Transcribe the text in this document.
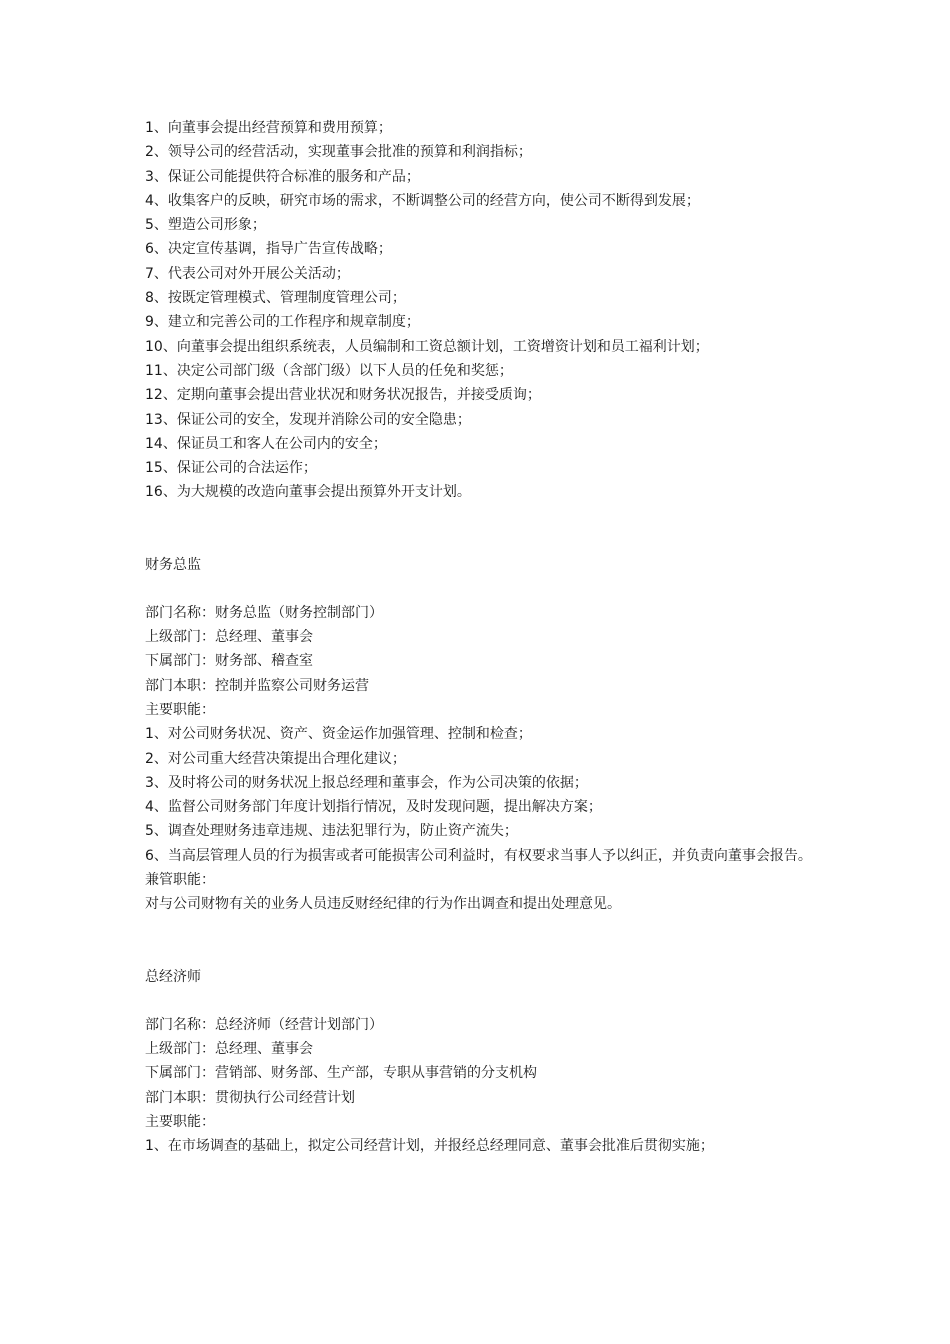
1、向董事会提出经营预算和费用预算；
2、领导公司的经营活动，实现董事会批准的预算和利润指标；
3、保证公司能提供符合标准的服务和产品；
4、收集客户的反映，研究市场的需求，不断调整公司的经营方向，使公司不断得到发展；
5、塑造公司形象；
6、决定宣传基调，指导广告宣传战略；
7、代表公司对外开展公关活动；
8、按既定管理模式、管理制度管理公司；
9、建立和完善公司的工作程序和规章制度；
10、向董事会提出组织系统表，人员编制和工资总额计划，工资增资计划和员工福利计划；
11、决定公司部门级（含部门级）以下人员的任免和奖惩；
12、定期向董事会提出营业状况和财务状况报告，并接受质询；
13、保证公司的安全，发现并消除公司的安全隐患；
14、保证员工和客人在公司内的安全；
15、保证公司的合法运作；
16、为大规模的改造向董事会提出预算外开支计划。
财务总监
部门名称：财务总监（财务控制部门）
上级部门：总经理、董事会
下属部门：财务部、稽查室
部门本职：控制并监察公司财务运营
主要职能：
1、对公司财务状况、资产、资金运作加强管理、控制和检查；
2、对公司重大经营决策提出合理化建议；
3、及时将公司的财务状况上报总经理和董事会，作为公司决策的依据；
4、监督公司财务部门年度计划指行情况，及时发现问题，提出解决方案；
5、调查处理财务违章违规、违法犯罪行为，防止资产流失；
6、当高层管理人员的行为损害或者可能损害公司利益时，有权要求当事人予以纠正，并负责向董事会报告。
兼管职能：
对与公司财物有关的业务人员违反财经纪律的行为作出调查和提出处理意见。
总经济师
部门名称：总经济师（经营计划部门）
上级部门：总经理、董事会
下属部门：营销部、财务部、生产部，专职从事营销的分支机构
部门本职：贯彻执行公司经营计划
主要职能：
1、在市场调查的基础上，拟定公司经营计划，并报经总经理同意、董事会批准后贯彻实施；
